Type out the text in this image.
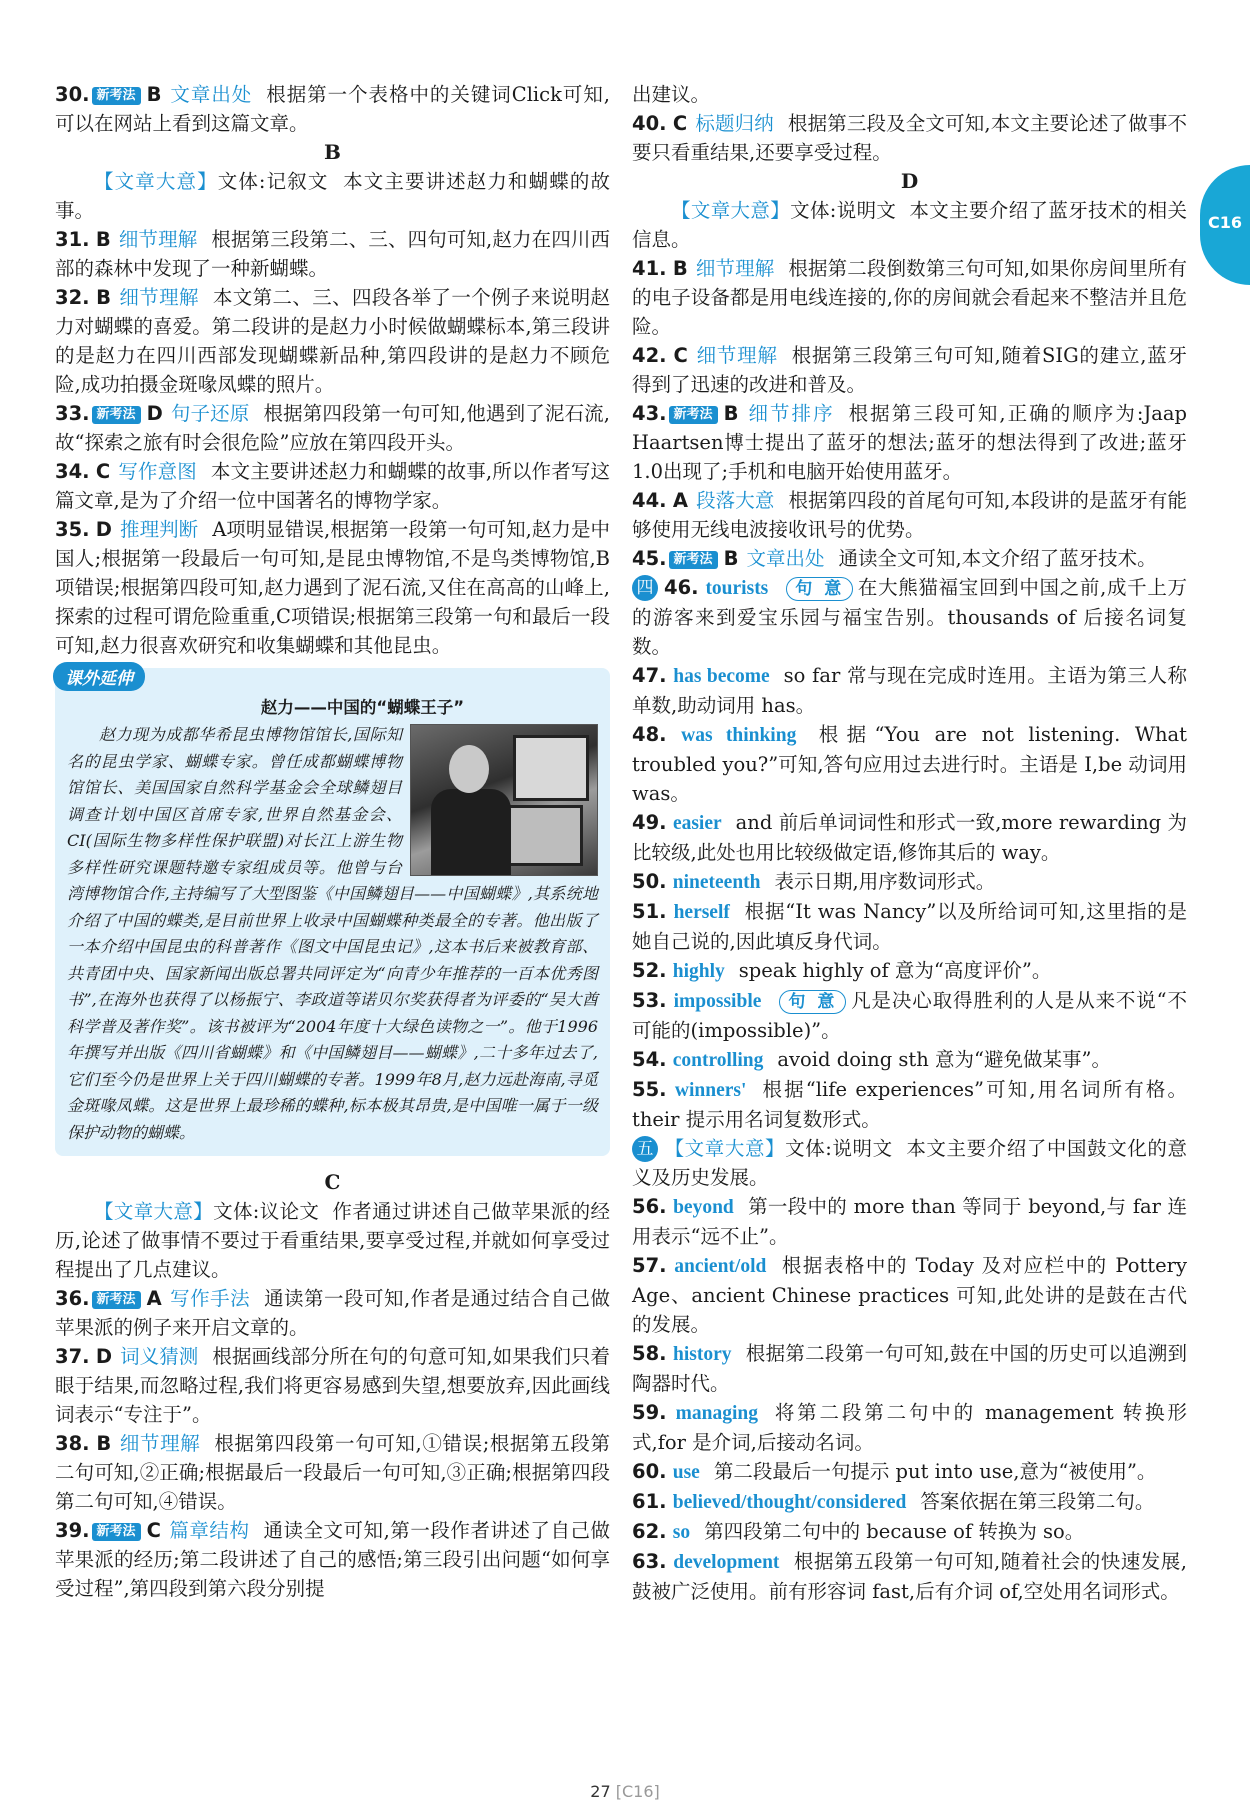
C16

30. 新考法 B 文章出处 根据第一个表格中的关键词Click可知,可以在网站上看到这篇文章。

B

【文章大意】文体:记叙文 本文主要讲述赵力和蝴蝶的故事。

31. B 细节理解 根据第三段第二、三、四句可知,赵力在四川西部的森林中发现了一种新蝴蝶。

32. B 细节理解 本文第二、三、四段各举了一个例子来说明赵力对蝴蝶的喜爱。第二段讲的是赵力小时候做蝴蝶标本,第三段讲的是赵力在四川西部发现蝴蝶新品种,第四段讲的是赵力不顾危险,成功拍摄金斑喙凤蝶的照片。

33. 新考法 D 句子还原 根据第四段第一句可知,他遇到了泥石流,故“探索之旅有时会很危险”应放在第四段开头。

34. C 写作意图 本文主要讲述赵力和蝴蝶的故事,所以作者写这篇文章,是为了介绍一位中国著名的博物学家。

35. D 推理判断 A项明显错误,根据第一段第一句可知,赵力是中国人;根据第一段最后一句可知,是昆虫博物馆,不是鸟类博物馆,B项错误;根据第四段可知,赵力遇到了泥石流,又住在高高的山峰上,探索的过程可谓危险重重,C项错误;根据第三段第一句和最后一段可知,赵力很喜欢研究和收集蝴蝶和其他昆虫。

课外延伸
赵力——中国的“蝴蝶王子”

赵力现为成都华希昆虫博物馆馆长,国际知名的昆虫学家、蝴蝶专家。曾任成都蝴蝶博物馆馆长、美国国家自然科学基金会全球鳞翅目调查计划中国区首席专家,世界自然基金会、CI(国际生物多样性保护联盟)对长江上游生物多样性研究课题特邀专家组成员等。他曾与台湾博物馆合作,主持编写了大型图鉴《中国鳞翅目——中国蝴蝶》,其系统地介绍了中国的蝶类,是目前世界上收录中国蝴蝶种类最全的专著。他出版了一本介绍中国昆虫的科普著作《图文中国昆虫记》,这本书后来被教育部、共青团中央、国家新闻出版总署共同评定为“向青少年推荐的一百本优秀图书”,在海外也获得了以杨振宁、李政道等诺贝尔奖获得者为评委的“吴大酋科学普及著作奖”。该书被评为“2004年度十大绿色读物之一”。他于1996年撰写并出版《四川省蝴蝶》和《中国鳞翅目——蝴蝶》,二十多年过去了,它们至今仍是世界上关于四川蝴蝶的专著。1999年8月,赵力远赴海南,寻觅金斑喙凤蝶。这是世界上最珍稀的蝶种,标本极其昂贵,是中国唯一属于一级保护动物的蝴蝶。

C

【文章大意】文体:议论文 作者通过讲述自己做苹果派的经历,论述了做事情不要过于看重结果,要享受过程,并就如何享受过程提出了几点建议。

36. 新考法 A 写作手法 通读第一段可知,作者是通过结合自己做苹果派的例子来开启文章的。

37. D 词义猜测 根据画线部分所在句的句意可知,如果我们只着眼于结果,而忽略过程,我们将更容易感到失望,想要放弃,因此画线词表示“专注于”。

38. B 细节理解 根据第四段第一句可知,①错误;根据第五段第二句可知,②正确;根据最后一段最后一句可知,③正确;根据第四段第二句可知,④错误。

39. 新考法 C 篇章结构 通读全文可知,第一段作者讲述了自己做苹果派的经历;第二段讲述了自己的感悟;第三段引出问题“如何享受过程”,第四段到第六段分别提

出建议。

40. C 标题归纳 根据第三段及全文可知,本文主要论述了做事不要只看重结果,还要享受过程。

D

【文章大意】文体:说明文 本文主要介绍了蓝牙技术的相关信息。

41. B 细节理解 根据第二段倒数第三句可知,如果你房间里所有的电子设备都是用电线连接的,你的房间就会看起来不整洁并且危险。

42. C 细节理解 根据第三段第三句可知,随着SIG的建立,蓝牙得到了迅速的改进和普及。

43. 新考法 B 细节排序 根据第三段可知,正确的顺序为:Jaap Haartsen博士提出了蓝牙的想法;蓝牙的想法得到了改进;蓝牙1.0出现了;手机和电脑开始使用蓝牙。

44. A 段落大意 根据第四段的首尾句可知,本段讲的是蓝牙有能够使用无线电波接收讯号的优势。

45. 新考法 B 文章出处 通读全文可知,本文介绍了蓝牙技术。

四 46. tourists 句 意 在大熊猫福宝回到中国之前,成千上万的游客来到爱宝乐园与福宝告别。thousands of 后接名词复数。

47. has become so far 常与现在完成时连用。主语为第三人称单数,助动词用 has。

48. was thinking 根据“You are not listening. What troubled you?”可知,答句应用过去进行时。主语是 I,be 动词用 was。

49. easier and 前后单词词性和形式一致,more rewarding 为比较级,此处也用比较级做定语,修饰其后的 way。

50. nineteenth 表示日期,用序数词形式。

51. herself 根据“It was Nancy”以及所给词可知,这里指的是她自己说的,因此填反身代词。

52. highly speak highly of 意为“高度评价”。

53. impossible 句 意 凡是决心取得胜利的人是从来不说“不可能的(impossible)”。

54. controlling avoid doing sth 意为“避免做某事”。

55. winners' 根据“life experiences”可知,用名词所有格。their 提示用名词复数形式。

五 【文章大意】文体:说明文 本文主要介绍了中国鼓文化的意义及历史发展。

56. beyond 第一段中的 more than 等同于 beyond,与 far 连用表示“远不止”。

57. ancient/old 根据表格中的 Today 及对应栏中的 Pottery Age、ancient Chinese practices 可知,此处讲的是鼓在古代的发展。

58. history 根据第二段第一句可知,鼓在中国的历史可以追溯到陶器时代。

59. managing 将第二段第二句中的 management 转换形式,for 是介词,后接动名词。

60. use 第二段最后一句提示 put into use,意为“被使用”。

61. believed/thought/considered 答案依据在第三段第二句。

62. so 第四段第二句中的 because of 转换为 so。

63. development 根据第五段第一句可知,随着社会的快速发展,鼓被广泛使用。前有形容词 fast,后有介词 of,空处用名词形式。

27 [C16]
